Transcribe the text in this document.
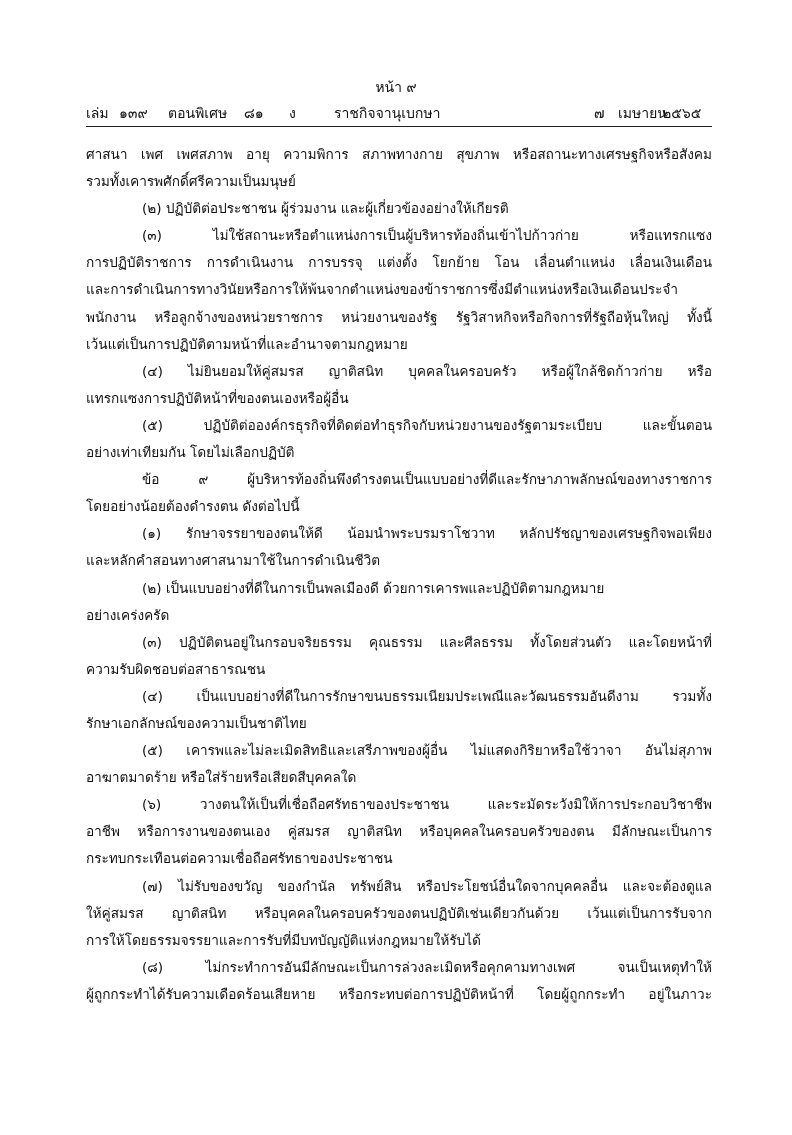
หน้า ๙
เล่ม ๑๓๙ ตอนพิเศษ ๘๑ ง	ราชกิจจานุเบกษา	๗ เมษายน
๒๕๖๕
ศาสนา เพศ เพศสภาพ อายุ ความพิการ สภาพทางกาย สุขภาพ หรือสถานะทางเศรษฐกิจหรือสังคม
รวมทั้งเคารพศักดิ์ศรีความเป็นมนุษย์
(๒) ปฏิบัติต่อประชาชน ผู้ร่วมงาน และผู้เกี่ยวข้องอย่างให้เกียรติ
(๓) ไม่ใช้สถานะหรือตำแหน่งการเป็นผู้บริหารท้องถิ่นเข้าไปก้าวก่าย หรือแทรกแซง
การปฏิบัติราชการ การดำเนินงาน การบรรจุ แต่งตั้ง โยกย้าย โอน เลื่อนตำแหน่ง เลื่อนเงินเดือน
และการดำเนินการทางวินัยหรือการให้พ้นจากตำแหน่งของข้าราชการซึ่งมีตำแหน่งหรือเงินเดือนประจำ
พนักงาน หรือลูกจ้างของหน่วยราชการ หน่วยงานของรัฐ รัฐวิสาหกิจหรือกิจการที่รัฐถือหุ้นใหญ่ ทั้งนี้
เว้นแต่เป็นการปฏิบัติตามหน้าที่และอำนาจตามกฎหมาย
(๔) ไม่ยินยอมให้คู่สมรส ญาติสนิท บุคคลในครอบครัว หรือผู้ใกล้ชิดก้าวก่าย หรือ
แทรกแซงการปฏิบัติหน้าที่ของตนเองหรือผู้อื่น
(๕) ปฏิบัติต่อองค์กรธุรกิจที่ติดต่อทำธุรกิจกับหน่วยงานของรัฐตามระเบียบ และขั้นตอน
อย่างเท่าเทียมกัน โดยไม่เลือกปฏิบัติ
ข้อ ๙ ผู้บริหารท้องถิ่นพึงดำรงตนเป็นแบบอย่างที่ดีและรักษาภาพลักษณ์ของทางราชการ
โดยอย่างน้อยต้องดำรงตน ดังต่อไปนี้
(๑) รักษาจรรยาของตนให้ดี น้อมนำพระบรมราโชวาท หลักปรัชญาของเศรษฐกิจพอเพียง
และหลักคำสอนทางศาสนามาใช้ในการดำเนินชีวิต
(๒) เป็นแบบอย่างที่ดีในการเป็นพลเมืองดี ด้วยการเคารพและปฏิบัติตามกฎหมาย
อย่างเคร่งครัด
(๓) ปฏิบัติตนอยู่ในกรอบจริยธรรม คุณธรรม และศีลธรรม ทั้งโดยส่วนตัว และโดยหน้าที่
ความรับผิดชอบต่อสาธารณชน
(๔) เป็นแบบอย่างที่ดีในการรักษาขนบธรรมเนียมประเพณีและวัฒนธรรมอันดีงาม รวมทั้ง
รักษาเอกลักษณ์ของความเป็นชาติไทย
(๕) เคารพและไม่ละเมิดสิทธิและเสรีภาพของผู้อื่น ไม่แสดงกิริยาหรือใช้วาจา อันไม่สุภาพ
อาฆาตมาดร้าย หรือใส่ร้ายหรือเสียดสีบุคคลใด
(๖) วางตนให้เป็นที่เชื่อถือศรัทธาของประชาชน และระมัดระวังมิให้การประกอบวิชาชีพ
อาชีพ หรือการงานของตนเอง คู่สมรส ญาติสนิท หรือบุคคลในครอบครัวของตน มีลักษณะเป็นการ
กระทบกระเทือนต่อความเชื่อถือศรัทธาของประชาชน
(๗) ไม่รับของขวัญ ของกำนัล ทรัพย์สิน หรือประโยชน์อื่นใดจากบุคคลอื่น และจะต้องดูแล
ให้คู่สมรส ญาติสนิท หรือบุคคลในครอบครัวของตนปฏิบัติเช่นเดียวกันด้วย เว้นแต่เป็นการรับจาก
การให้โดยธรรมจรรยาและการรับที่มีบทบัญญัติแห่งกฎหมายให้รับได้
(๘) ไม่กระทำการอันมีลักษณะเป็นการล่วงละเมิดหรือคุกคามทางเพศ จนเป็นเหตุทำให้
ผู้ถูกกระทำได้รับความเดือดร้อนเสียหาย หรือกระทบต่อการปฏิบัติหน้าที่ โดยผู้ถูกกระทำ อยู่ในภาวะ
